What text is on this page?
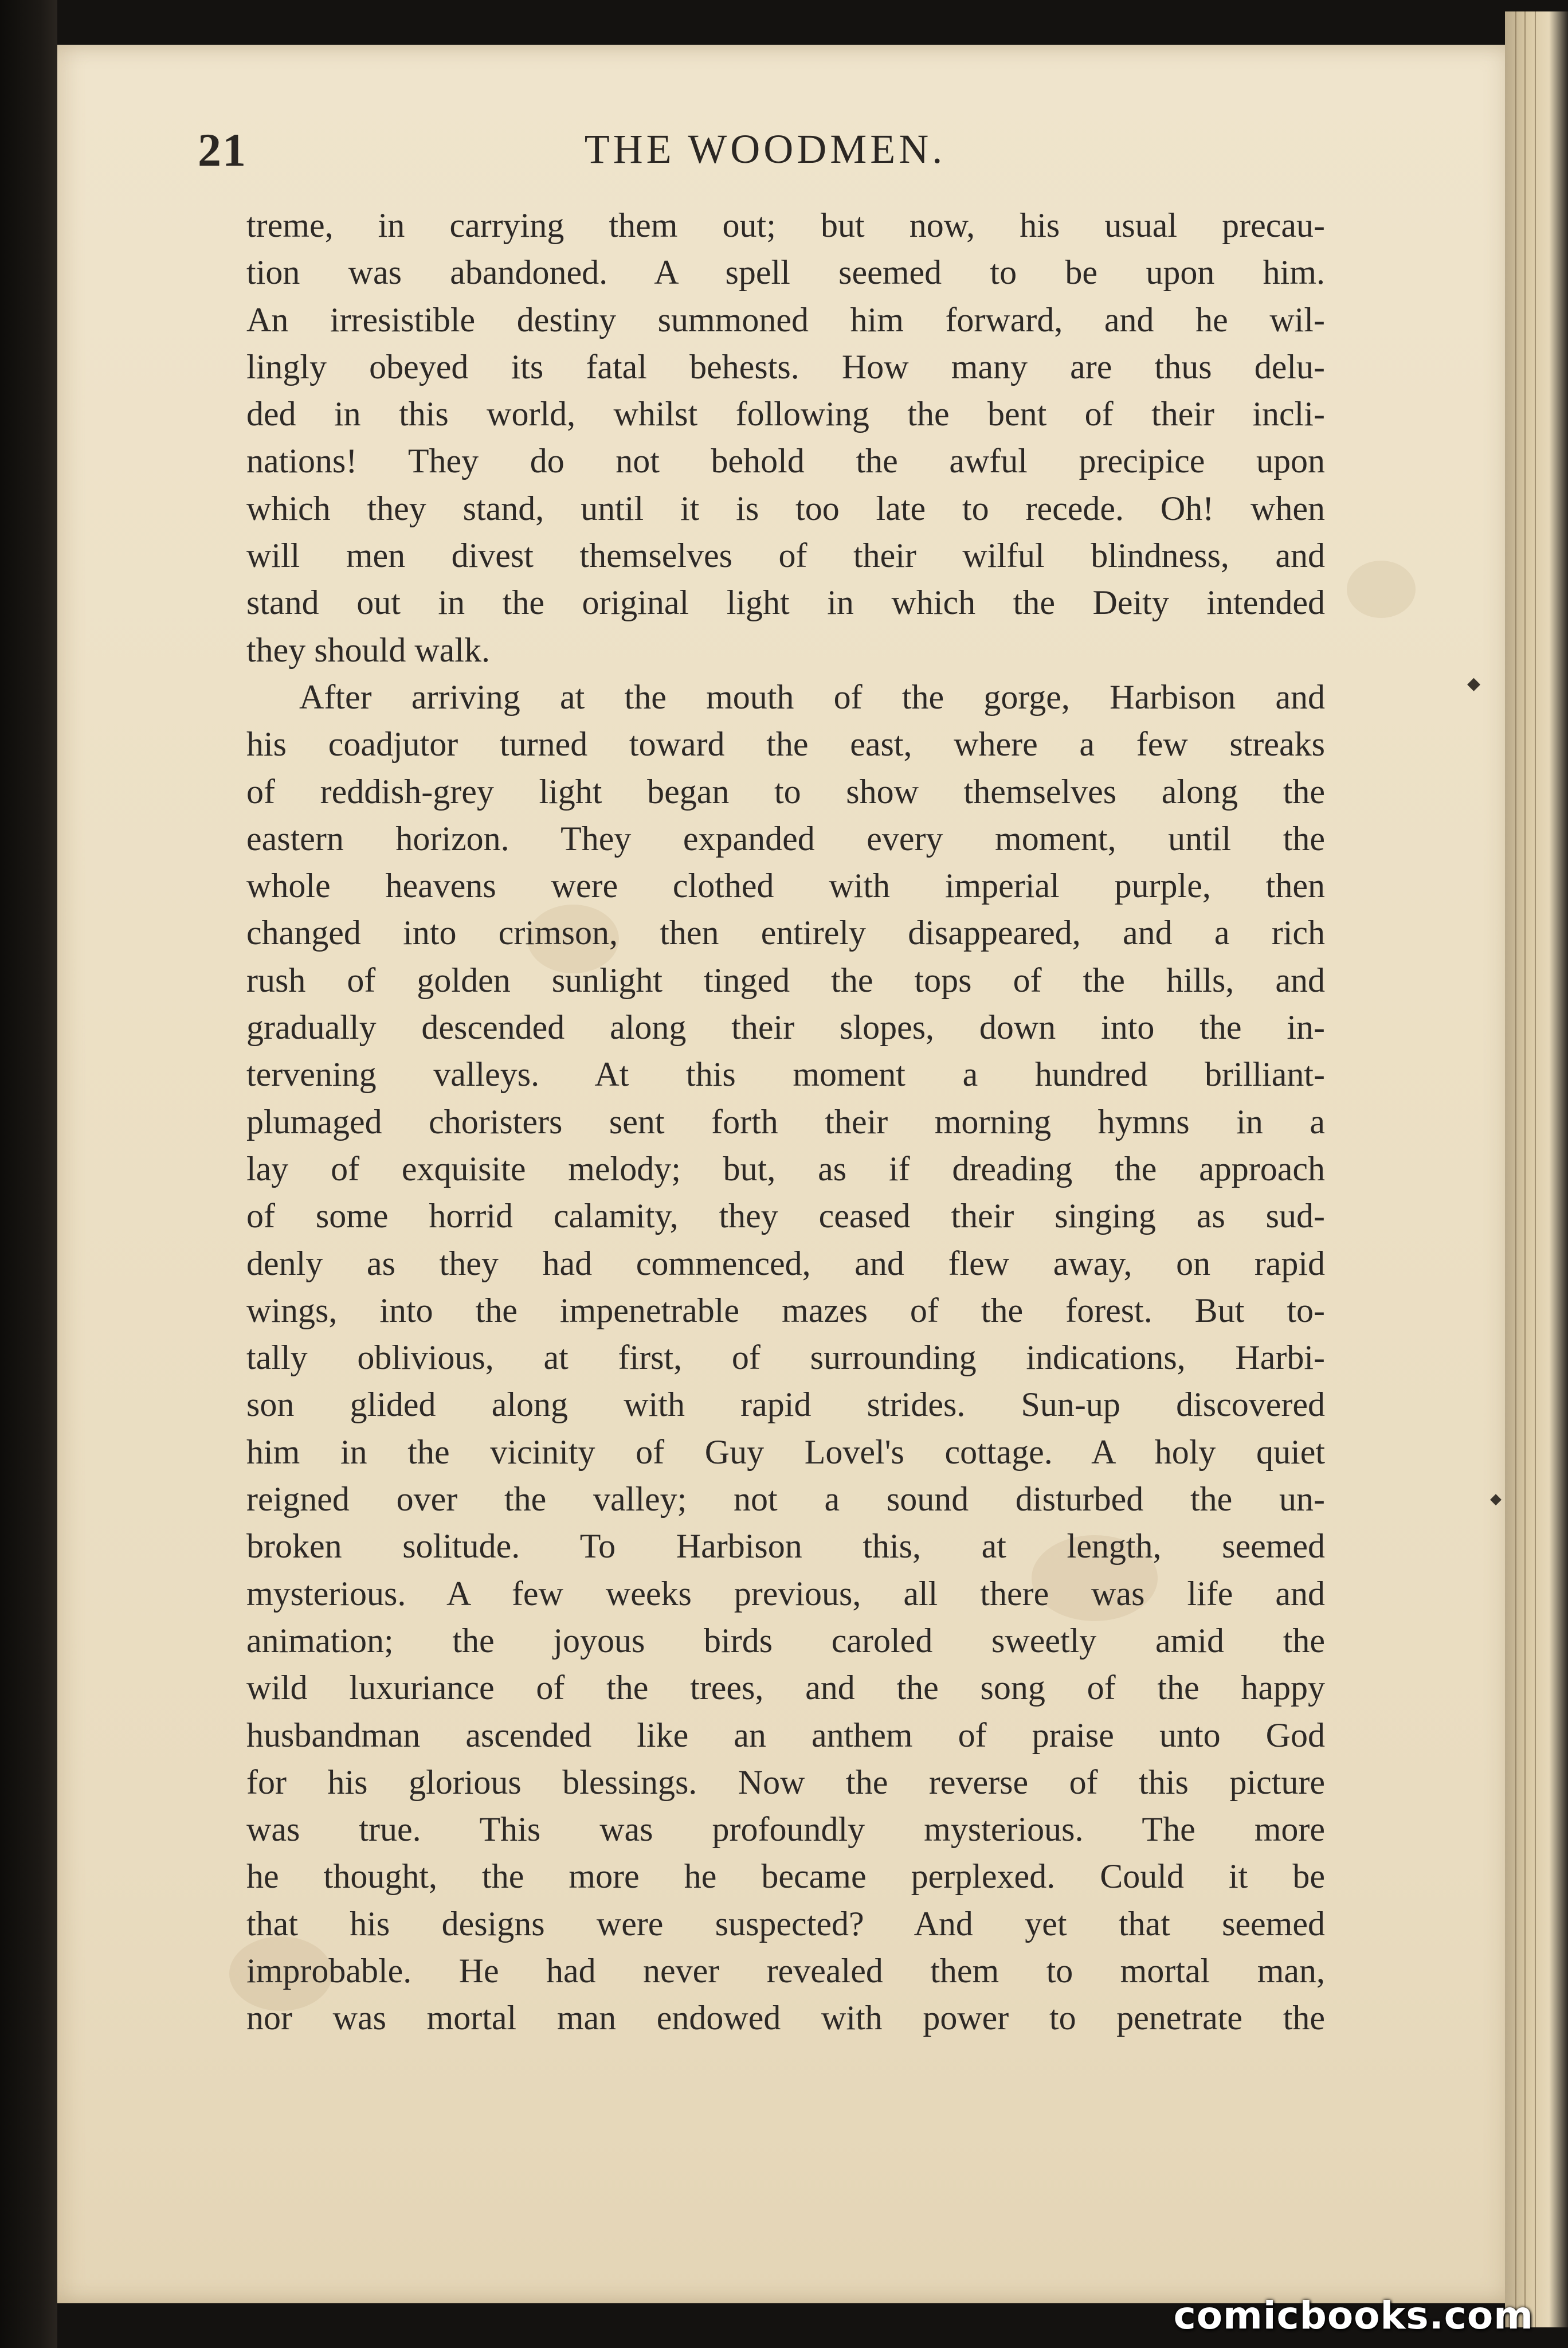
◆
◆
21	THE WOODMEN.
treme, in carrying them out; but now, his usual precau-
tion was abandoned. A spell seemed to be upon him.
An irresistible destiny summoned him forward, and he wil-
lingly obeyed its fatal behests. How many are thus delu-
ded in this world, whilst following the bent of their incli-
nations! They do not behold the awful precipice upon
which they stand, until it is too late to recede. Oh! when
will men divest themselves of their wilful blindness, and
stand out in the original light in which the Deity intended
they should walk.
After arriving at the mouth of the gorge, Harbison and
his coadjutor turned toward the east, where a few streaks
of reddish-grey light began to show themselves along the
eastern horizon. They expanded every moment, until the
whole heavens were clothed with imperial purple, then
changed into crimson, then entirely disappeared, and a rich
rush of golden sunlight tinged the tops of the hills, and
gradually descended along their slopes, down into the in-
tervening valleys. At this moment a hundred brilliant-
plumaged choristers sent forth their morning hymns in a
lay of exquisite melody; but, as if dreading the approach
of some horrid calamity, they ceased their singing as sud-
denly as they had commenced, and flew away, on rapid
wings, into the impenetrable mazes of the forest. But to-
tally oblivious, at first, of surrounding indications, Harbi-
son glided along with rapid strides. Sun-up discovered
him in the vicinity of Guy Lovel's cottage. A holy quiet
reigned over the valley; not a sound disturbed the un-
broken solitude. To Harbison this, at length, seemed
mysterious. A few weeks previous, all there was life and
animation; the joyous birds caroled sweetly amid the
wild luxuriance of the trees, and the song of the happy
husbandman ascended like an anthem of praise unto God
for his glorious blessings. Now the reverse of this picture
was true. This was profoundly mysterious. The more
he thought, the more he became perplexed. Could it be
that his designs were suspected? And yet that seemed
improbable. He had never revealed them to mortal man,
nor was mortal man endowed with power to penetrate the
comicbooks.com
